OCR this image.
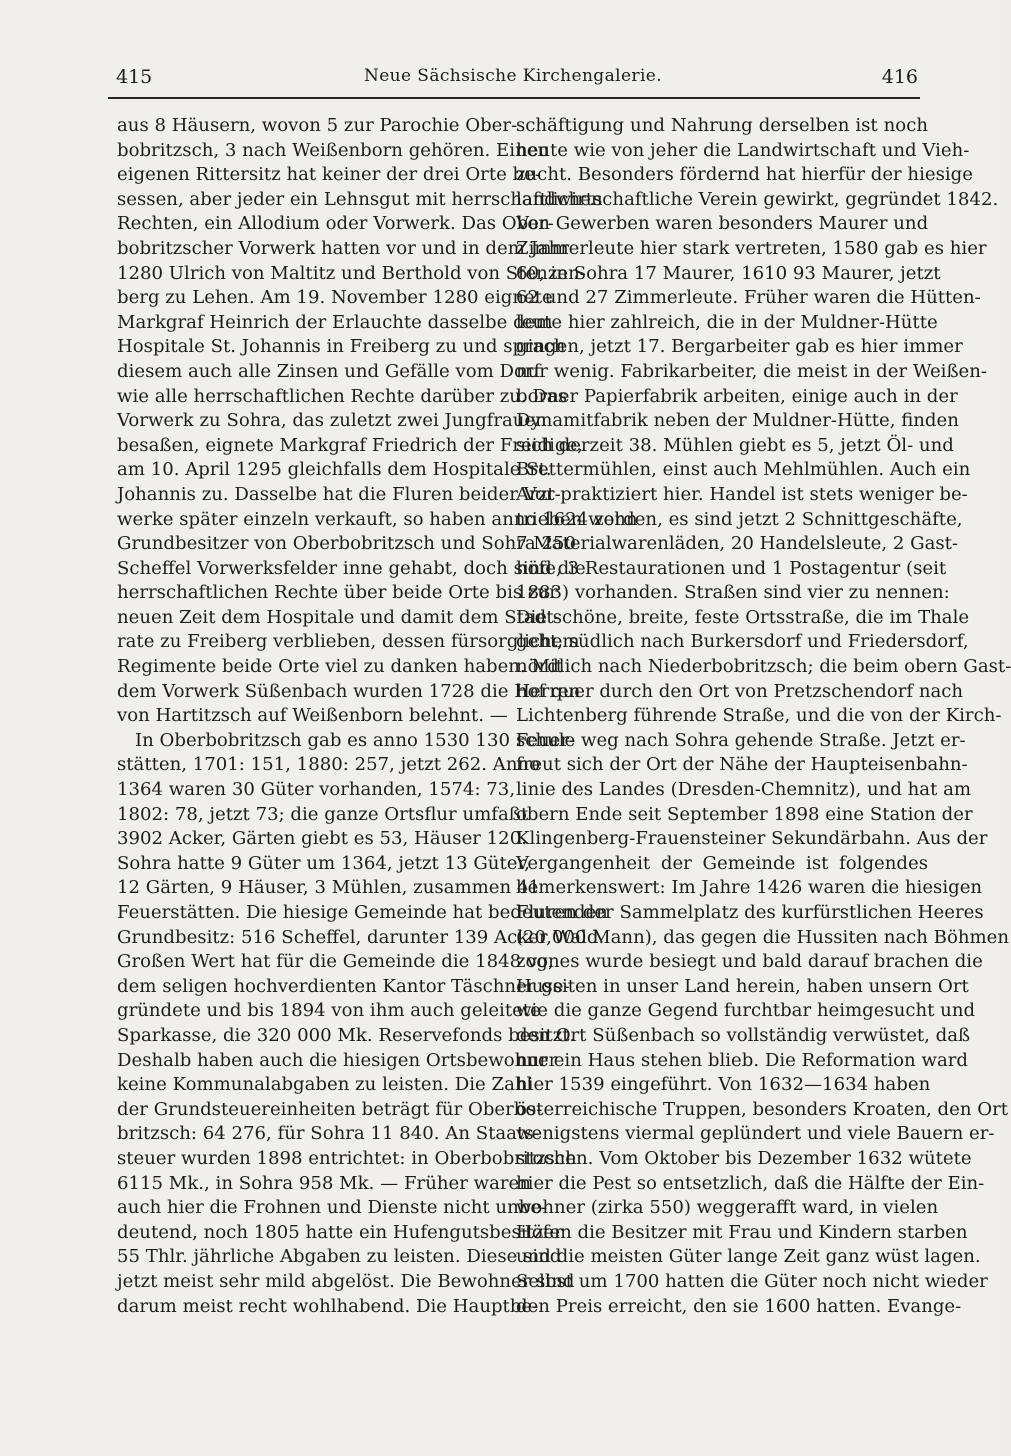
415	Neue Sächsische Kirchengalerie.	416
aus 8 Häusern, wovon 5 zur Parochie Ober-
bobritzsch, 3 nach Weißenborn gehören. Einen
eigenen Rittersitz hat keiner der drei Orte be-
sessen, aber jeder ein Lehnsgut mit herrschaftlichen
Rechten, ein Allodium oder Vorwerk. Das Ober-
bobritzscher Vorwerk hatten vor und in dem Jahr
1280 Ulrich von Maltitz und Berthold von Stenzen-
berg zu Lehen. Am 19. November 1280 eignete
Markgraf Heinrich der Erlauchte dasselbe dem
Hospitale St. Johannis in Freiberg zu und sprach
diesem auch alle Zinsen und Gefälle vom Dorf
wie alle herrschaftlichen Rechte darüber zu. Das
Vorwerk zu Sohra, das zuletzt zwei Jungfrauen
besaßen, eignete Markgraf Friedrich der Freidige,
am 10. April 1295 gleichfalls dem Hospitale St.
Johannis zu. Dasselbe hat die Fluren beider Vor-
werke später einzeln verkauft, so haben anno 1624 zehn
Grundbesitzer von Oberbobritzsch und Sohra 250
Scheffel Vorwerksfelder inne gehabt, doch sind die
herrschaftlichen Rechte über beide Orte bis zur
neuen Zeit dem Hospitale und damit dem Stadt-
rate zu Freiberg verblieben, dessen fürsorglichem
Regimente beide Orte viel zu danken haben. Mit
dem Vorwerk Süßenbach wurden 1728 die Herren
von Hartitzsch auf Weißenborn belehnt. —
In Oberbobritzsch gab es anno 1530 130 Feuer-
stätten, 1701: 151, 1880: 257, jetzt 262. Anno
1364 waren 30 Güter vorhanden, 1574: 73,
1802: 78, jetzt 73; die ganze Ortsflur umfaßt
3902 Acker, Gärten giebt es 53, Häuser 120.
Sohra hatte 9 Güter um 1364, jetzt 13 Güter,
12 Gärten, 9 Häuser, 3 Mühlen, zusammen 41
Feuerstätten. Die hiesige Gemeinde hat bedeutenden
Grundbesitz: 516 Scheffel, darunter 139 Acker Wald.
Großen Wert hat für die Gemeinde die 1848 von
dem seligen hochverdienten Kantor Täschner ge-
gründete und bis 1894 von ihm auch geleitete
Sparkasse, die 320 000 Mk. Reservefonds besitzt.
Deshalb haben auch die hiesigen Ortsbewohner
keine Kommunalabgaben zu leisten. Die Zahl
der Grundsteuereinheiten beträgt für Oberbo-
britzsch: 64 276, für Sohra 11 840. An Staats-
steuer wurden 1898 entrichtet: in Oberbobritzsch
6115 Mk., in Sohra 958 Mk. — Früher waren
auch hier die Frohnen und Dienste nicht unbe-
deutend, noch 1805 hatte ein Hufengutsbesitzer
55 Thlr. jährliche Abgaben zu leisten. Diese sind
jetzt meist sehr mild abgelöst. Die Bewohner sind
darum meist recht wohlhabend. Die Hauptbe-
schäftigung und Nahrung derselben ist noch
heute wie von jeher die Landwirtschaft und Vieh-
zucht. Besonders fördernd hat hierfür der hiesige
landwirtschaftliche Verein gewirkt, gegründet 1842.
Von Gewerben waren besonders Maurer und
Zimmerleute hier stark vertreten, 1580 gab es hier
60, in Sohra 17 Maurer, 1610 93 Maurer, jetzt
62 und 27 Zimmerleute. Früher waren die Hütten-
leute hier zahlreich, die in der Muldner-Hütte
gingen, jetzt 17. Bergarbeiter gab es hier immer
nur wenig. Fabrikarbeiter, die meist in der Weißen-
borner Papierfabrik arbeiten, einige auch in der
Dynamitfabrik neben der Muldner-Hütte, finden
sich derzeit 38. Mühlen giebt es 5, jetzt Öl- und
Brettermühlen, einst auch Mehlmühlen. Auch ein
Arzt praktiziert hier. Handel ist stets weniger be-
trieben worden, es sind jetzt 2 Schnittgeschäfte,
7 Materialwarenläden, 20 Handelsleute, 2 Gast-
höfe, 3 Restaurationen und 1 Postagentur (seit
1883) vorhanden. Straßen sind vier zu nennen:
Die schöne, breite, feste Ortsstraße, die im Thale
geht, südlich nach Burkersdorf und Friedersdorf,
nördlich nach Niederbobritzsch; die beim obern Gast-
hof quer durch den Ort von Pretzschendorf nach
Lichtenberg führende Straße, und die von der Kirch-
schule weg nach Sohra gehende Straße. Jetzt er-
freut sich der Ort der Nähe der Haupteisenbahn-
linie des Landes (Dresden-Chemnitz), und hat am
obern Ende seit September 1898 eine Station der
Klingenberg-Frauensteiner Sekundärbahn. Aus der
Vergangenheit der Gemeinde ist folgendes
bemerkenswert: Im Jahre 1426 waren die hiesigen
Fluren der Sammelplatz des kurfürstlichen Heeres
(20,000 Mann), das gegen die Hussiten nach Böhmen
zog, es wurde besiegt und bald darauf brachen die
Hussiten in unser Land herein, haben unsern Ort
wie die ganze Gegend furchtbar heimgesucht und
den Ort Süßenbach so vollständig verwüstet, daß
nur ein Haus stehen blieb. Die Reformation ward
hier 1539 eingeführt. Von 1632—1634 haben
österreichische Truppen, besonders Kroaten, den Ort
wenigstens viermal geplündert und viele Bauern er-
stochen. Vom Oktober bis Dezember 1632 wütete
hier die Pest so entsetzlich, daß die Hälfte der Ein-
wohner (zirka 550) weggerafft ward, in vielen
Höfen die Besitzer mit Frau und Kindern starben
und die meisten Güter lange Zeit ganz wüst lagen.
Selbst um 1700 hatten die Güter noch nicht wieder
den Preis erreicht, den sie 1600 hatten. Evange-
